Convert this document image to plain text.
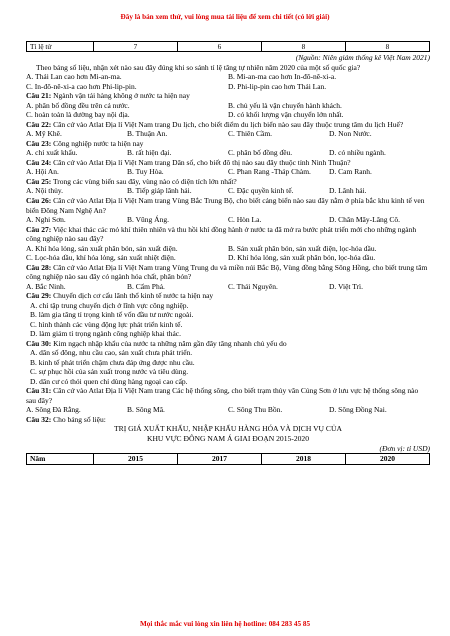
Đây là bản xem thử, vui lòng mua tài liệu để xem chi tiết (có lời giải)
Tỉ lệ tử	7	6	8	8
(Nguồn: Niên giám thống kê Việt Nam 2021)

Theo bảng số liệu, nhận xét nào sau đây đúng khi so sánh tỉ lệ tăng tự nhiên năm 2020 của một số quốc gia?

A. Thái Lan cao hơn Mi-an-ma.	B. Mi-an-ma cao hơn In-đô-nê-xi-a.
C. In-đô-nê-xi-a cao hơn Phi-lip-pin.	D. Phi-lip-pin cao hơn Thái Lan.

Câu 21: Ngành vận tải hàng không ở nước ta hiện nay

A. phân bố đồng đều trên cả nước.	B. chủ yếu là vận chuyển hành khách.
C. hoàn toàn là đường bay nội địa.	D. có khối lượng vận chuyển lớn nhất.

Câu 22: Căn cứ vào Atlat Địa lí Việt Nam trang Du lịch, cho biết điểm du lịch biển nào sau đây thuộc trung tâm du lịch Huế?

A. Mỹ Khê.	B. Thuận An.	C. Thiên Cầm.	D. Non Nước.

Câu 23: Công nghiệp nước ta hiện nay

A. chỉ xuất khẩu.	B. rất hiện đại.	C. phân bố đồng đều.	D. có nhiều ngành.

Câu 24: Căn cứ vào Atlat Địa lí Việt Nam trang Dân số, cho biết đô thị nào sau đây thuộc tỉnh Ninh Thuận?

A. Hội An.	B. Tuy Hòa.	C. Phan Rang -Tháp Chàm.	D. Cam Ranh.

Câu 25: Trong các vùng biển sau đây, vùng nào có diện tích lớn nhất?

A. Nội thủy.	B. Tiếp giáp lãnh hải.	C. Đặc quyền kinh tế.	D. Lãnh hải.

Câu 26: Căn cứ vào Atlat Địa lí Việt Nam trang Vùng Bắc Trung Bộ, cho biết cảng biển nào sau đây nằm ở phía bắc khu kinh tế ven biển Đông Nam Nghệ An?

A. Nghi Sơn.	B. Vũng Áng.	C. Hòn La.	D. Chân Mây-Lăng Cô.

Câu 27: Việc khai thác các mỏ khí thiên nhiên và thu hồi khí đồng hành ở nước ta đã mở ra bước phát triển mới cho những ngành công nghiệp nào sau đây?

A. Khí hóa lỏng, sản xuất phân bón, sản xuất điện.	B. Sản xuất phân bón, sản xuất điện, lọc-hóa dầu.
C. Lọc-hóa dầu, khí hóa lỏng, sản xuất nhiệt điện.	D. Khí hóa lỏng, sản xuất phân bón, lọc-hóa dầu.

Câu 28: Căn cứ vào Atlat Địa lí Việt Nam trang Vùng Trung du và miền núi Bắc Bộ, Vùng đồng bằng Sông Hồng, cho biết trung tâm công nghiệp nào sau đây có ngành hóa chất, phân bón?

A. Bắc Ninh.	B. Cẩm Phả.	C. Thái Nguyên.	D. Việt Trì.

Câu 29: Chuyển dịch cơ cấu lãnh thổ kinh tế nước ta hiện nay

A. chỉ tập trung chuyển dịch ở lĩnh vực công nghiệp.
B. làm gia tăng tỉ trọng kinh tế vốn đầu tư nước ngoài.
C. hình thành các vùng động lực phát triển kinh tế.
D. làm giảm tỉ trọng ngành công nghiệp khai thác.

Câu 30: Kim ngạch nhập khẩu của nước ta những năm gần đây tăng nhanh chủ yếu do

A. dân số đông, nhu cầu cao, sản xuất chưa phát triển.
B. kinh tế phát triển chậm chưa đáp ứng được nhu cầu.
C. sự phục hồi của sản xuất trong nước và tiêu dùng.
D. dân cư có thói quen chỉ dùng hàng ngoại cao cấp.

Câu 31: Căn cứ vào Atlat Địa lí Việt Nam trang Các hệ thống sông, cho biết trạm thủy văn Củng Sơn ở lưu vực hệ thống sông nào sau đây?

A. Sông Đà Rằng.	B. Sông Mã.	C. Sông Thu Bồn.	D. Sông Đồng Nai.

Câu 32: Cho bảng số liệu:

TRỊ GIÁ XUẤT KHẨU, NHẬP KHẨU HÀNG HÓA VÀ DỊCH VỤ CỦA
KHU VỰC ĐÔNG NAM Á GIAI ĐOẠN 2015-2020
(Đơn vị: tỉ USD)
Năm	2015	2017	2018	2020
Mọi thắc mắc vui lòng xin liên hệ hotline: 084 283 45 85
